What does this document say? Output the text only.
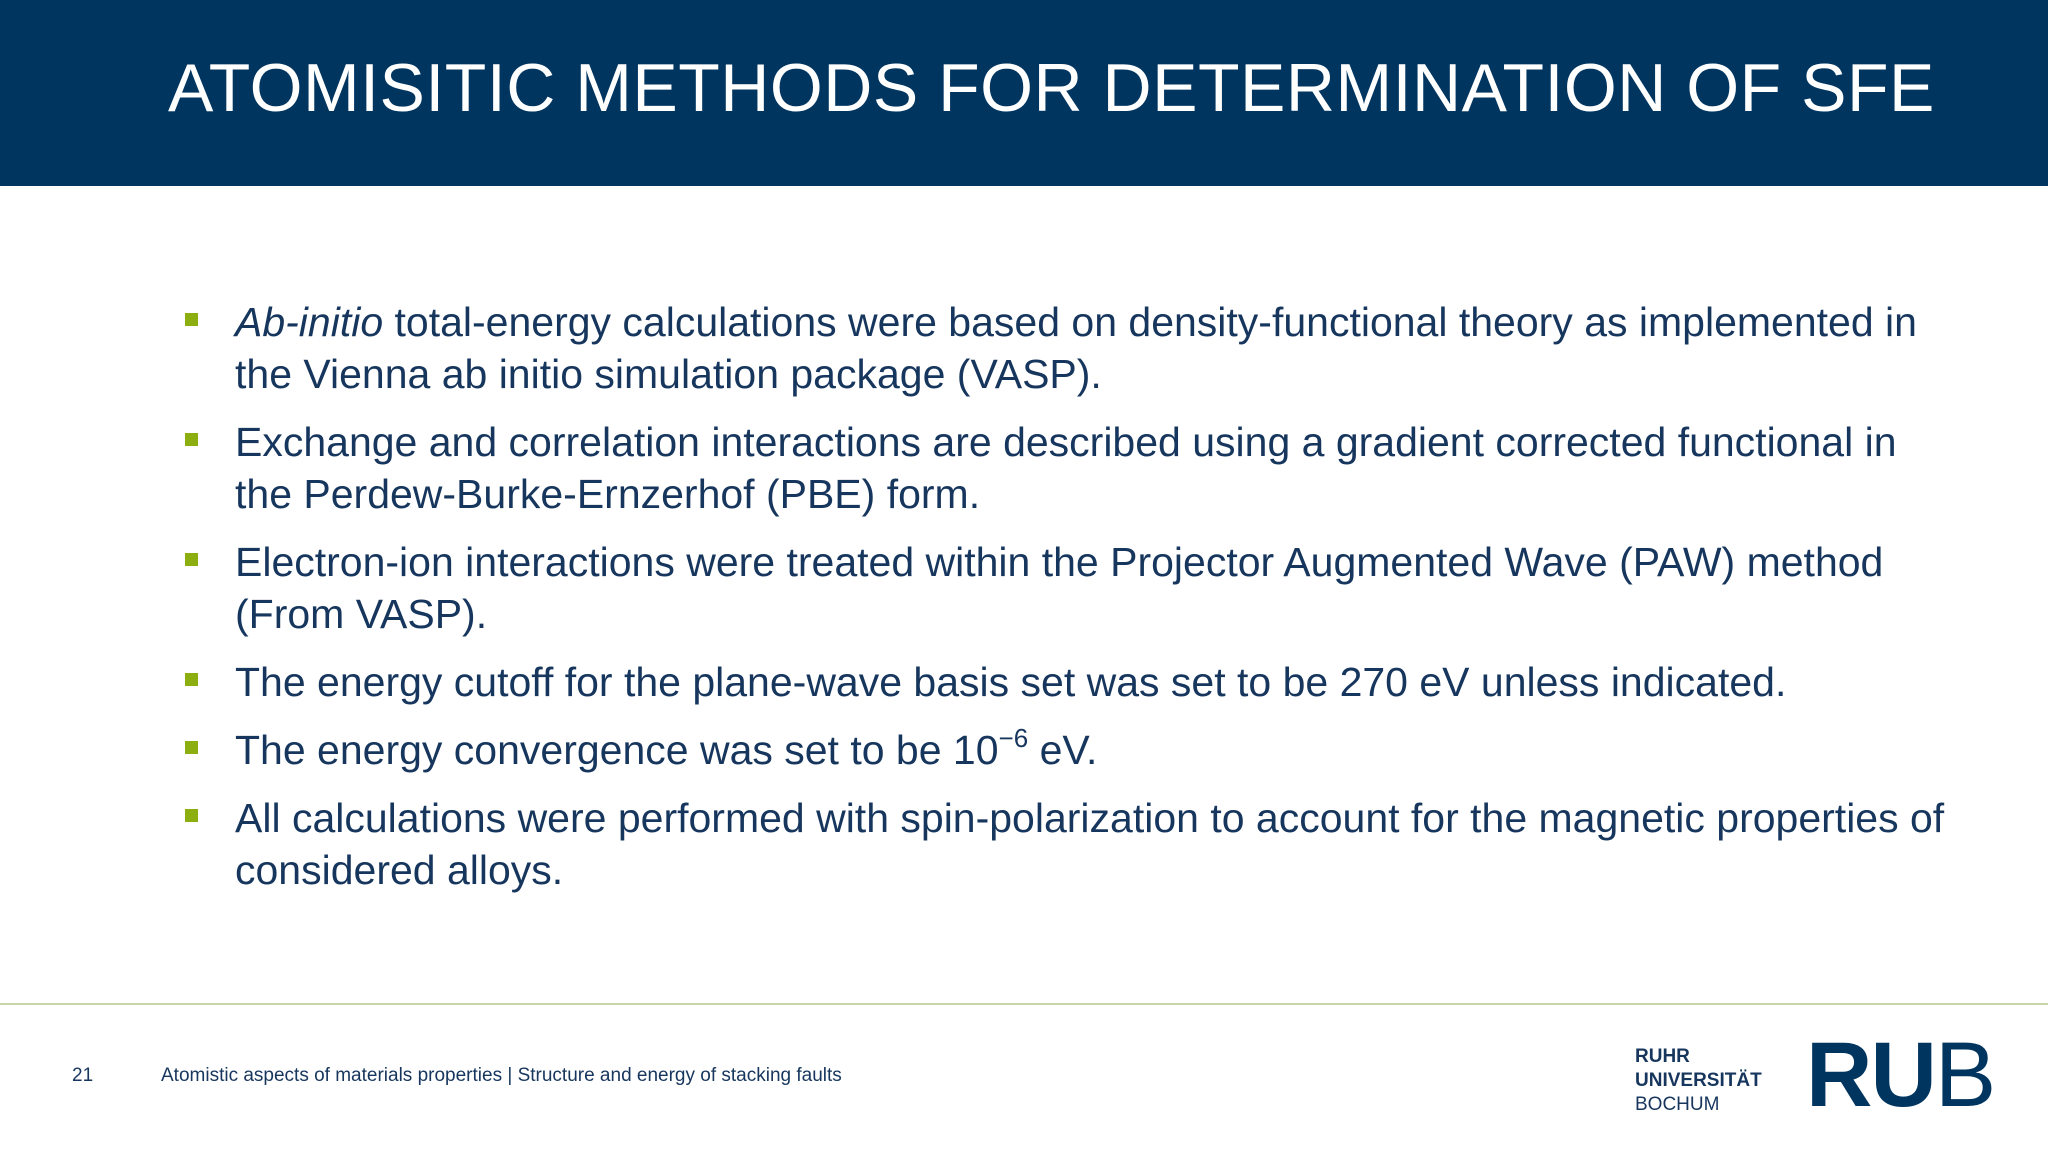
ATOMISITIC METHODS FOR DETERMINATION OF SFE
Ab-initio total-energy calculations were based on density-functional theory as implemented in the Vienna ab initio simulation package (VASP).
Exchange and correlation interactions are described using a gradient corrected functional in the Perdew-Burke-Ernzerhof (PBE) form.
Electron-ion interactions were treated within the Projector Augmented Wave (PAW) method (From VASP).
The energy cutoff for the plane-wave basis set was set to be 270 eV unless indicated.
The energy convergence was set to be $10^{-6}$ eV.
All calculations were performed with spin-polarization to account for the magnetic properties of considered alloys.
21	Atomistic aspects of materials properties | Structure and energy of stacking faults
RUHR
UNIVERSITÄT
BOCHUM RUB
